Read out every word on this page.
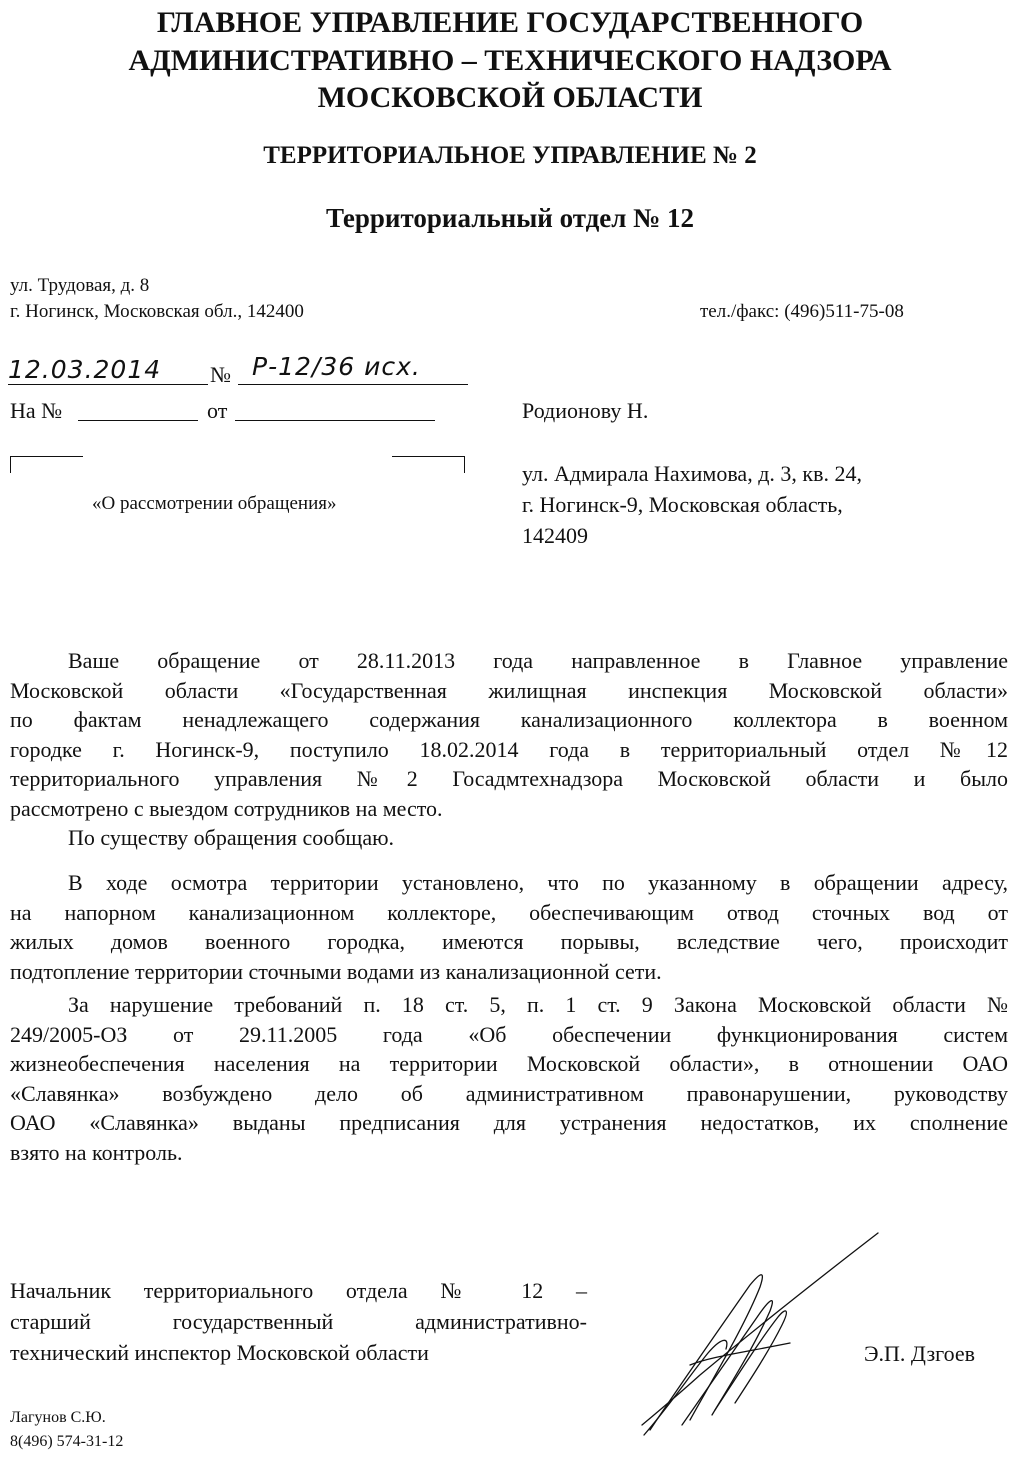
ГЛАВНОЕ УПРАВЛЕНИЕ ГОСУДАРСТВЕННОГО
АДМИНИСТРАТИВНО – ТЕХНИЧЕСКОГО НАДЗОРА
МОСКОВСКОЙ ОБЛАСТИ
ТЕРРИТОРИАЛЬНОЕ УПРАВЛЕНИЕ № 2
Территориальный отдел № 12
ул. Трудовая, д. 8
г. Ногинск, Московская обл., 142400	тел./факс: (496)511-75-08
12.03.2014 № Р-12/36 исх.
На №	от
«О рассмотрении обращения»
Родионову Н.
ул. Адмирала Нахимова, д. 3, кв. 24,
г. Ногинск-9, Московская область,
142409
Ваше обращение от 28.11.2013 года направленное в Главное управление
Московской области «Государственная жилищная инспекция Московской области»
по фактам ненадлежащего содержания канализационного коллектора в военном
городке г. Ногинск-9, поступило 18.02.2014 года в территориальный отдел №12
территориального управления №2 Госадмтехнадзора Московской области и было
рассмотрено с выездом сотрудников на место.
По существу обращения сообщаю.
В ходе осмотра территории установлено, что по указанному в обращении адресу,
на напорном канализационном коллекторе, обеспечивающим отвод сточных вод от
жилых домов военного городка, имеются порывы, вследствие чего, происходит
подтопление территории сточными водами из канализационной сети.
За нарушение требований п. 18 ст. 5, п. 1 ст. 9 Закона Московской области №
249/2005-ОЗ от 29.11.2005 года «Об обеспечении функционирования систем
жизнеобеспечения населения на территории Московской области», в отношении ОАО
«Славянка» возбуждено дело об административном правонарушении, руководству
ОАО «Славянка» выданы предписания для устранения недостатков, их сполнение
взято на контроль.
Начальник территориального отдела № 12 –
старший государственный административно-
технический инспектор Московской области	Э.П. Дзгоев
Лагунов С.Ю.
8(496) 574-31-12
